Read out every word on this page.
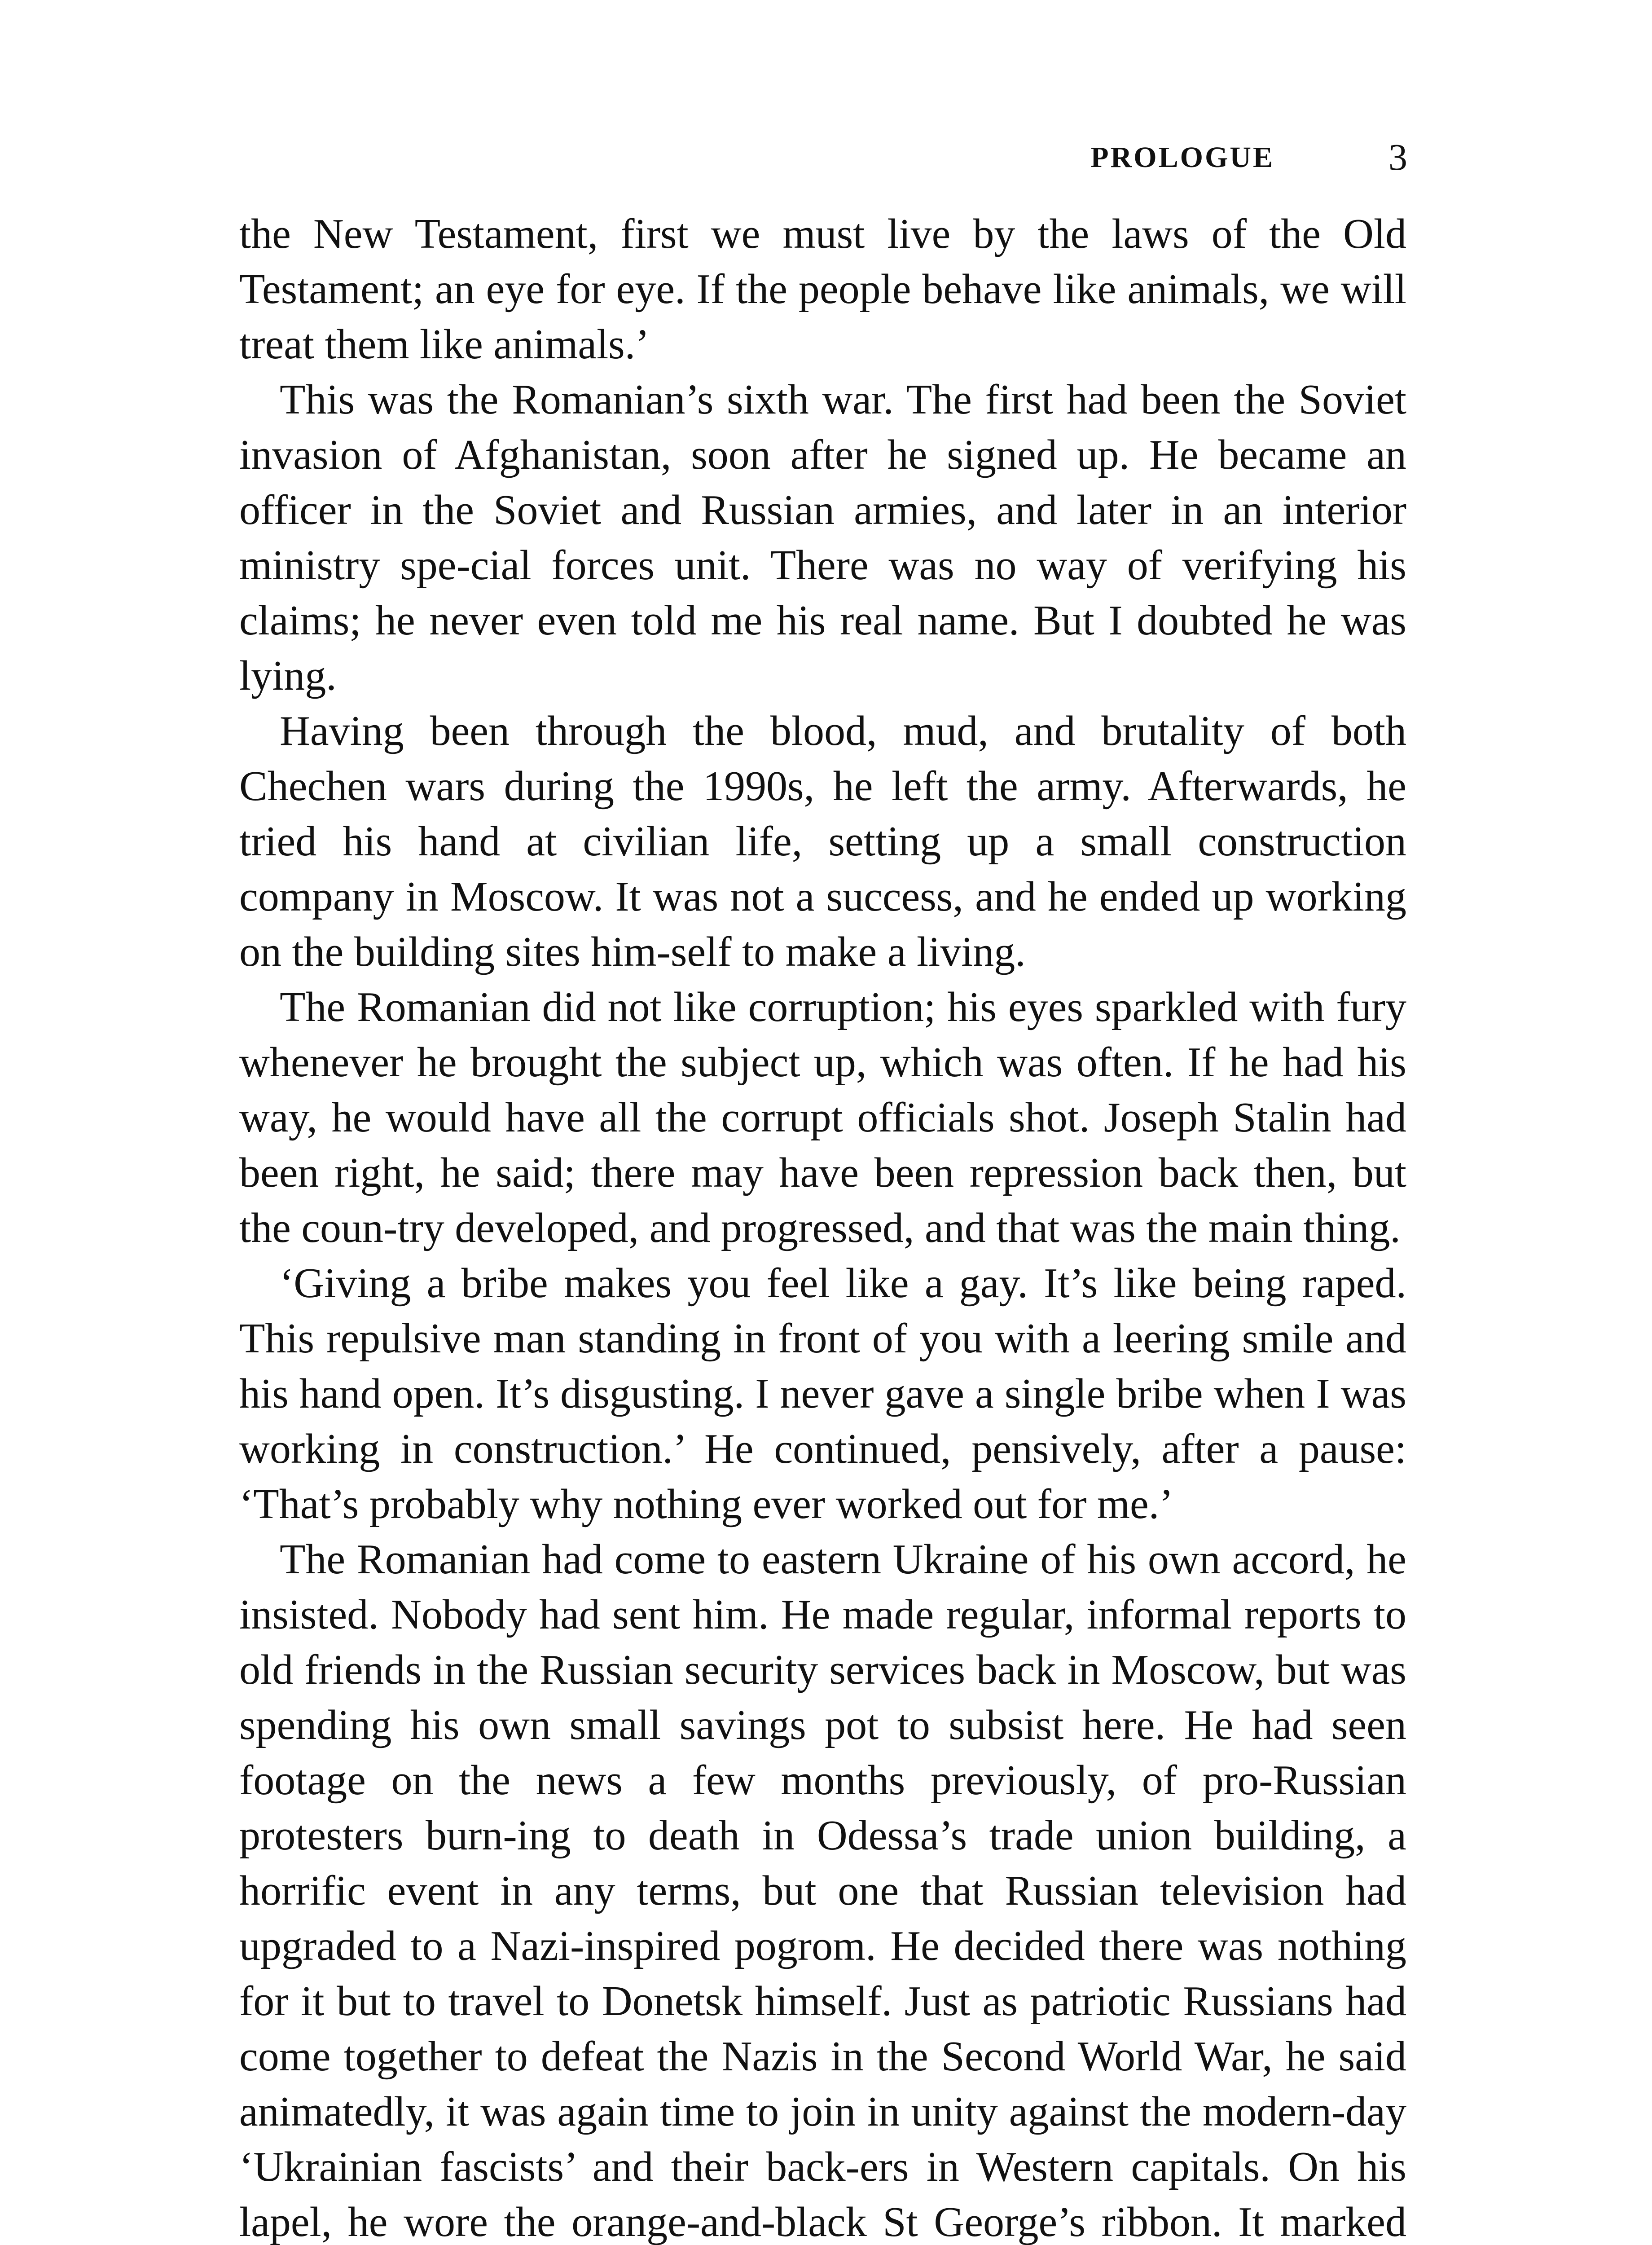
PROLOGUE	3

the New Testament, first we must live by the laws of the Old Testament; an eye for eye. If the people behave like animals, we will treat them like animals.’

This was the Romanian’s sixth war. The first had been the Soviet invasion of Afghanistan, soon after he signed up. He became an officer in the Soviet and Russian armies, and later in an interior ministry spe-cial forces unit. There was no way of verifying his claims; he never even told me his real name. But I doubted he was lying.

Having been through the blood, mud, and brutality of both Chechen wars during the 1990s, he left the army. Afterwards, he tried his hand at civilian life, setting up a small construction company in Moscow. It was not a success, and he ended up working on the building sites him-self to make a living.

The Romanian did not like corruption; his eyes sparkled with fury whenever he brought the subject up, which was often. If he had his way, he would have all the corrupt officials shot. Joseph Stalin had been right, he said; there may have been repression back then, but the coun-try developed, and progressed, and that was the main thing.

‘Giving a bribe makes you feel like a gay. It’s like being raped. This repulsive man standing in front of you with a leering smile and his hand open. It’s disgusting. I never gave a single bribe when I was working in construction.’ He continued, pensively, after a pause: ‘That’s probably why nothing ever worked out for me.’

The Romanian had come to eastern Ukraine of his own accord, he insisted. Nobody had sent him. He made regular, informal reports to old friends in the Russian security services back in Moscow, but was spending his own small savings pot to subsist here. He had seen footage on the news a few months previously, of pro-Russian protesters burn-ing to death in Odessa’s trade union building, a horrific event in any terms, but one that Russian television had upgraded to a Nazi-inspired pogrom. He decided there was nothing for it but to travel to Donetsk himself. Just as patriotic Russians had come together to defeat the Nazis in the Second World War, he said animatedly, it was again time to join in unity against the modern-day ‘Ukrainian fascists’ and their back-ers in Western capitals. On his lapel, he wore the orange-and-black St George’s ribbon. It marked
